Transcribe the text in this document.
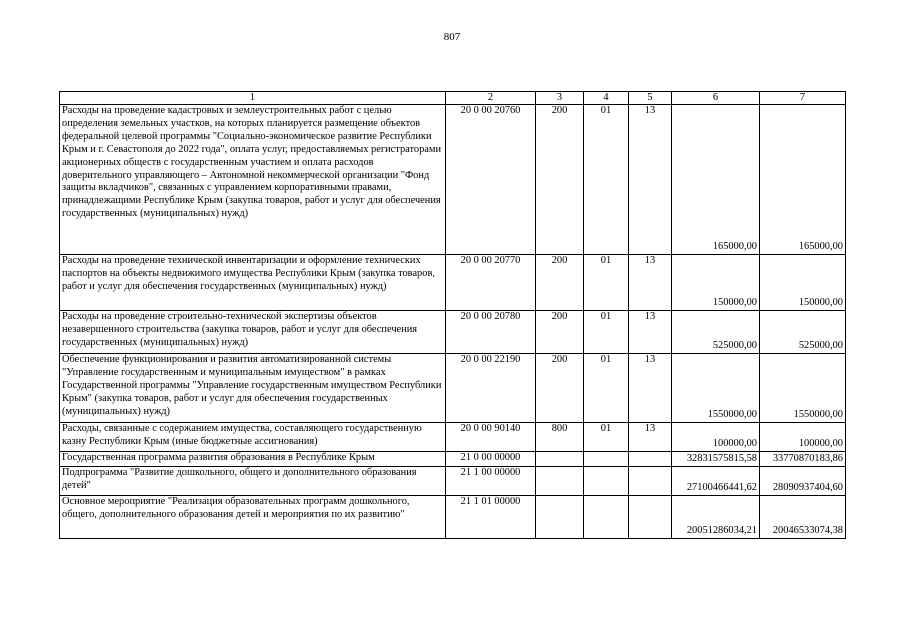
807
1	2	3	4	5	6	7
Расходы на проведение кадастровых и землеустроительных работ с целью определения земельных участков, на которых планируется размещение объектов федеральной целевой программы "Социально-экономическое развитие Республики Крым и г. Севастополя до 2022 года", оплата услуг, предоставляемых регистраторами акционерных обществ с государственным участием и оплата расходов доверительного управляющего – Автономной некоммерческой организации "Фонд защиты вкладчиков", связанных с управлением корпоративными правами, принадлежащими Республике Крым (закупка товаров, работ и услуг для обеспечения государственных (муниципальных) нужд)	20 0 00 20760	200	01	13	165000,00	165000,00
Расходы на проведение технической инвентаризации и оформление технических паспортов на объекты недвижимого имущества Республики Крым (закупка товаров, работ и услуг для обеспечения государственных (муниципальных) нужд)	20 0 00 20770	200	01	13	150000,00	150000,00
Расходы на проведение строительно-технической экспертизы объектов незавершенного строительства (закупка товаров, работ и услуг для обеспечения государственных (муниципальных) нужд)	20 0 00 20780	200	01	13	525000,00	525000,00
Обеспечение функционирования и развития автоматизированной системы "Управление государственным и муниципальным имуществом" в рамках Государственной программы "Управление государственным имуществом Республики Крым" (закупка товаров, работ и услуг для обеспечения государственных (муниципальных) нужд)	20 0 00 22190	200	01	13	1550000,00	1550000,00
Расходы, связанные с содержанием имущества, составляющего государственную казну Республики Крым (иные бюджетные ассигнования)	20 0 00 90140	800	01	13	100000,00	100000,00
Государственная программа развития образования в Республике Крым	21 0 00 00000				32831575815,58	33770870183,86
Подпрограмма "Развитие дошкольного, общего и дополнительного образования детей"	21 1 00 00000				27100466441,62	28090937404,60
Основное мероприятие "Реализация образовательных программ дошкольного, общего, дополнительного образования детей и мероприятия по их развитию"	21 1 01 00000				20051286034,21	20046533074,38
